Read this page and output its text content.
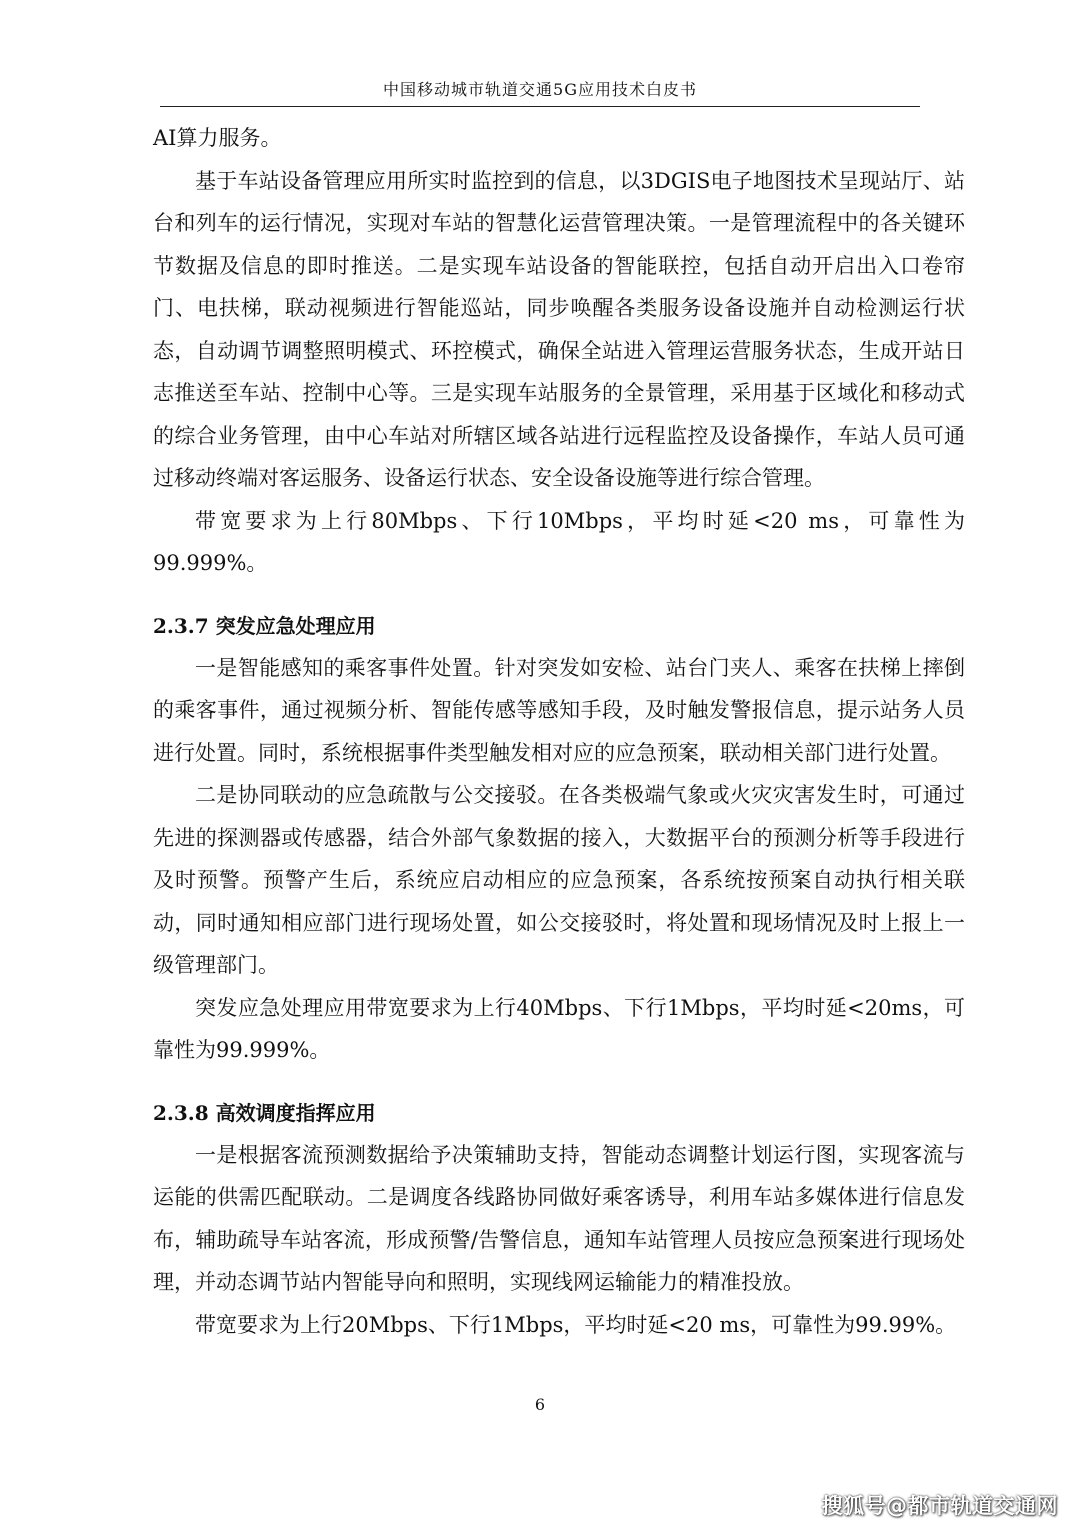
中国移动城市轨道交通5G应用技术白皮书

AI算力服务。

基于车站设备管理应用所实时监控到的信息，以3DGIS电子地图技术呈现站厅、站台和列车的运行情况，实现对车站的智慧化运营管理决策。一是管理流程中的各关键环节数据及信息的即时推送。二是实现车站设备的智能联控，包括自动开启出入口卷帘门、电扶梯，联动视频进行智能巡站，同步唤醒各类服务设备设施并自动检测运行状态，自动调节调整照明模式、环控模式，确保全站进入管理运营服务状态，生成开站日志推送至车站、控制中心等。三是实现车站服务的全景管理，采用基于区域化和移动式的综合业务管理，由中心车站对所辖区域各站进行远程监控及设备操作，车站人员可通过移动终端对客运服务、设备运行状态、安全设备设施等进行综合管理。

带宽要求为上行80Mbps、下行10Mbps，平均时延<20 ms，可靠性为99.999%。

2.3.7 突发应急处理应用

一是智能感知的乘客事件处置。针对突发如安检、站台门夹人、乘客在扶梯上摔倒的乘客事件，通过视频分析、智能传感等感知手段，及时触发警报信息，提示站务人员进行处置。同时，系统根据事件类型触发相对应的应急预案，联动相关部门进行处置。

二是协同联动的应急疏散与公交接驳。在各类极端气象或火灾灾害发生时，可通过先进的探测器或传感器，结合外部气象数据的接入，大数据平台的预测分析等手段进行及时预警。预警产生后，系统应启动相应的应急预案，各系统按预案自动执行相关联动，同时通知相应部门进行现场处置，如公交接驳时，将处置和现场情况及时上报上一级管理部门。

突发应急处理应用带宽要求为上行40Mbps、下行1Mbps，平均时延<20ms，可靠性为99.999%。

2.3.8 高效调度指挥应用

一是根据客流预测数据给予决策辅助支持，智能动态调整计划运行图，实现客流与运能的供需匹配联动。二是调度各线路协同做好乘客诱导，利用车站多媒体进行信息发布，辅助疏导车站客流，形成预警/告警信息，通知车站管理人员按应急预案进行现场处理，并动态调节站内智能导向和照明，实现线网运输能力的精准投放。

带宽要求为上行20Mbps、下行1Mbps，平均时延<20 ms，可靠性为99.99%。

6
搜狐号@都市轨道交通网
